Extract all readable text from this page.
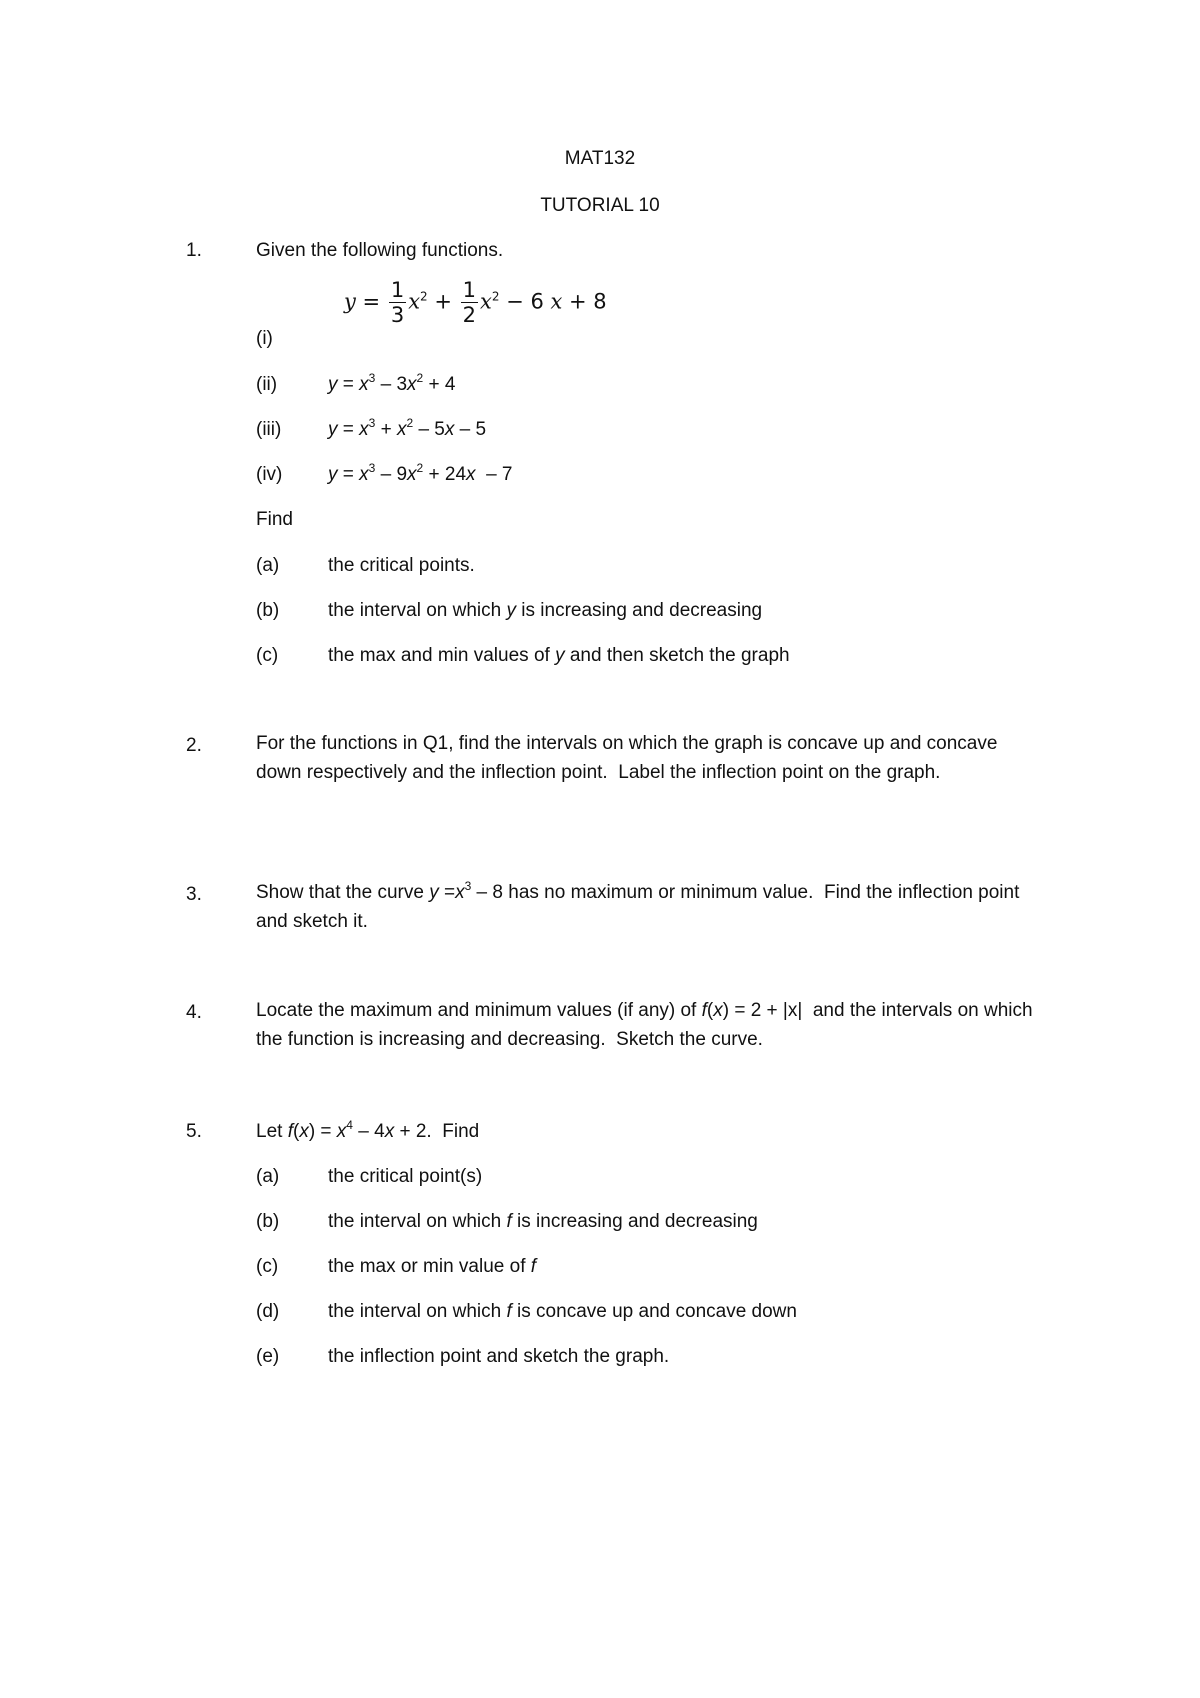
MAT132
TUTORIAL 10
1.	Given the following functions.
$y = \frac{1}{3} x^2 + \frac{1}{2} x^2 - 6$ x + 8
(i)
(ii)	$y = x^3 - 3x^2 + 4$
(iii) $y = x^3 + x^2 - 5x - 5$
(iv) $y = x^3 - 9x^2 + 24x - 7$
Find
(a)	the critical points.
(b)	the interval on which y is increasing and decreasing
(c)	the max and min values of y and then sketch the graph
2.	For the functions in Q1, find the intervals on which the graph is concave up and concave down respectively and the inflection point.  Label the inflection point on the graph.
3.	Show that the curve $y =x^3 - 8$ has no maximum or minimum value.  Find the inflection point and sketch it.
4.	Locate the maximum and minimum values (if any) of f(x) = 2 + |x|  and the intervals on which the function is increasing and decreasing.  Sketch the curve.
5.	Let $f(x) = x^4 - 4x + 2$.  Find
(a)	the critical point(s)
(b)	the interval on which f is increasing and decreasing
(c)	the max or min value of f
(d)	the interval on which f is concave up and concave down
(e)	the inflection point and sketch the graph.
